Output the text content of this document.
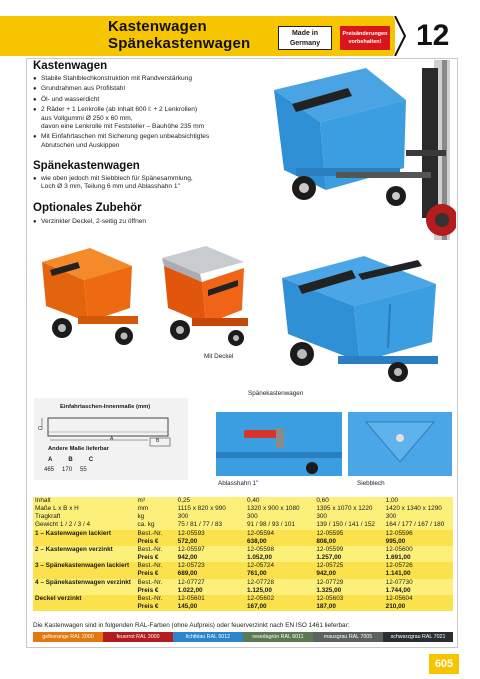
Kastenwagen
Spänekastenwagen
Made in
Germany
Preisänderungen
vorbehalten! 12
Kastenwagen
● Stabile Stahlblechkonstruktion mit Randverstärkung
● Grundrahmen aus Profilstahl
● Öl- und wasserdicht
● 2 Räder + 1 Lenkrolle (ab Inhalt 600 l: + 2 Lenkrollen)
aus Vollgummi Ø 250 x 60 mm,
davon eine Lenkrolle mit Feststeller – Bauhöhe 235 mm
● Mit Einfahrtaschen mit Sicherung gegen unbeabsichtigtes
Abrutschen und Auskippen
Spänekastenwagen
● wie oben jedoch mit Siebblech für Spänesammlung,
Loch Ø 3 mm, Teilung 6 mm und Ablasshahn 1"
Optionales Zubehör
● Verzinkter Deckel, 2-seitig zu öffnen
Mit Deckel
Spänekastenwagen
Einfahrtaschen-Innenmaße (mm)
A	B
C
Andere Maße lieferbar
A	B	C
465 170 55
Ablasshahn 1"	Siebblech
Inhalt	m³	0,25	0,40	0,60	1,00
Maße L x B x H	mm	1115 x 820 x 990	1320 x 900 x 1080	1395 x 1070 x 1220	1420 x 1340 x 1290
Tragkraft	kg	300	300	300	300
Gewicht 1 / 2 / 3 / 4	ca. kg	75 / 81 / 77 / 83	91 / 98 / 93 / 101	139 / 150 / 141 / 152	164 / 177 / 167 / 180
1 – Kastenwagen lackiert	Best.-Nr.	12-05593	12-05594	12-05595	12-05596
	Preis €	572,00	638,00	808,00	995,00
2 – Kastenwagen verzinkt	Best.-Nr.	12-05597	12-05598	12-05599	12-05600
	Preis €	942,00	1.052,00	1.257,00	1.691,00
3 – Spänekastenwagen lackiert	Best.-Nr.	12-05723	12-05724	12-05725	12-05726
	Preis €	689,00	761,00	942,00	1.141,00
4 – Spänekastenwagen verzinkt	Best.-Nr.	12-07727	12-07728	12-07729	12-07730
	Preis €	1.022,00	1.125,00	1.325,00	1.744,00
Deckel verzinkt	Best.-Nr.	12-05601	12-05602	12-05603	12-05604
	Preis €	145,00	167,00	187,00	210,00
Die Kastenwagen sind in folgenden RAL-Farben (ohne Aufpreis) oder feuerverzinkt nach EN ISO 1461 lieferbar:
gelborange RAL 2000	feuerrot RAL 3000	lichtblau RAL 5012	resedagrün RAL 6011	mausgrau RAL 7005	schwarzgrau RAL 7021
605
